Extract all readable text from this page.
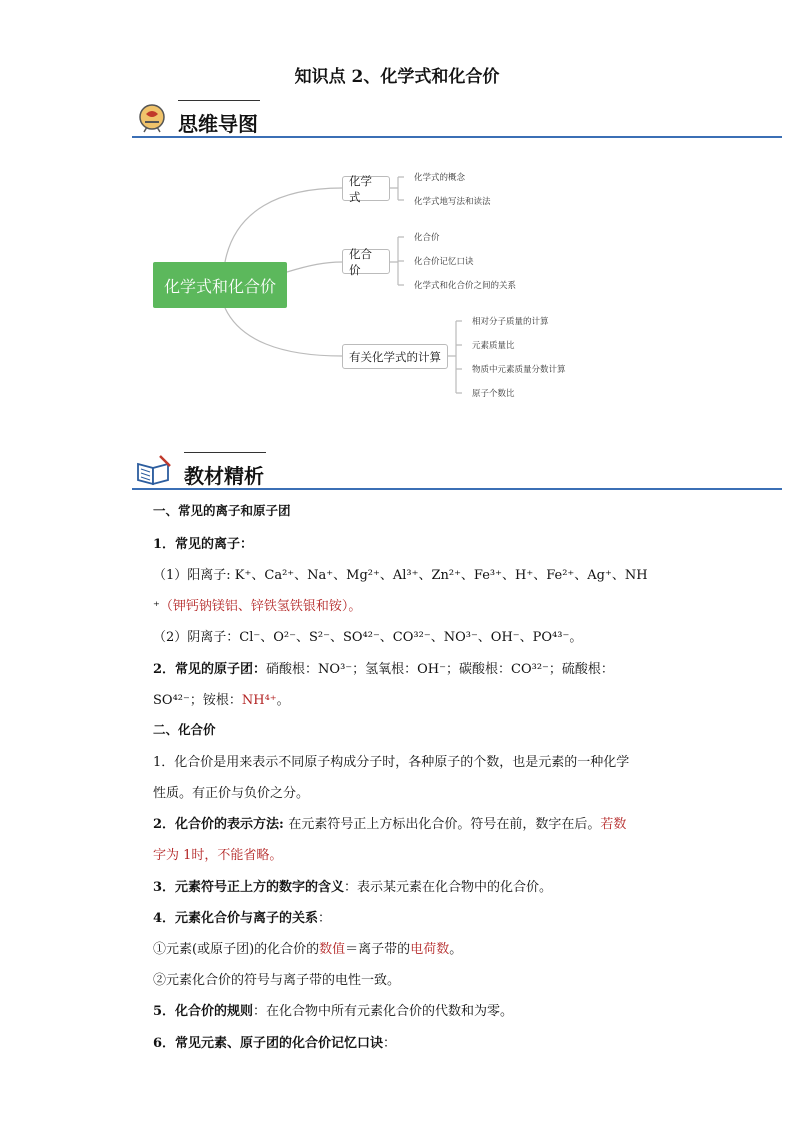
知识点 2、化学式和化合价
思维导图
化学式和化合价
化学式
化合价
有关化学式的计算
化学式的概念
化学式地写法和读法
化合价
化合价记忆口诀
化学式和化合价之间的关系
相对分子质量的计算
元素质量比
物质中元素质量分数计算
原子个数比
教材精析
一、常见的离子和原子团
1．常见的离子：
（1）阳离子: K⁺、Ca²⁺、Na⁺、Mg²⁺、Al³⁺、Zn²⁺、Fe³⁺、H⁺、Fe²⁺、Ag⁺、NH
⁺（钾钙钠镁铝、锌铁氢铁银和铵）。
（2）阴离子：Cl⁻、O²⁻、S²⁻、SO⁴²⁻、CO³²⁻、NO³⁻、OH⁻、PO⁴³⁻。
2．常见的原子团：硝酸根：NO³⁻；氢氧根：OH⁻；碳酸根：CO³²⁻；硫酸根：
SO⁴²⁻；铵根：NH⁴⁺。
二、化合价
1．化合价是用来表示不同原子构成分子时，各种原子的个数，也是元素的一种化学
性质。有正价与负价之分。
2．化合价的表示方法: 在元素符号正上方标出化合价。符号在前，数字在后。若数
字为 1时，不能省略。
3．元素符号正上方的数字的含义：表示某元素在化合物中的化合价。
4．元素化合价与离子的关系：
①元素(或原子团)的化合价的数值＝离子带的电荷数。
②元素化合价的符号与离子带的电性一致。
5．化合价的规则：在化合物中所有元素化合价的代数和为零。
6．常见元素、原子团的化合价记忆口诀：
